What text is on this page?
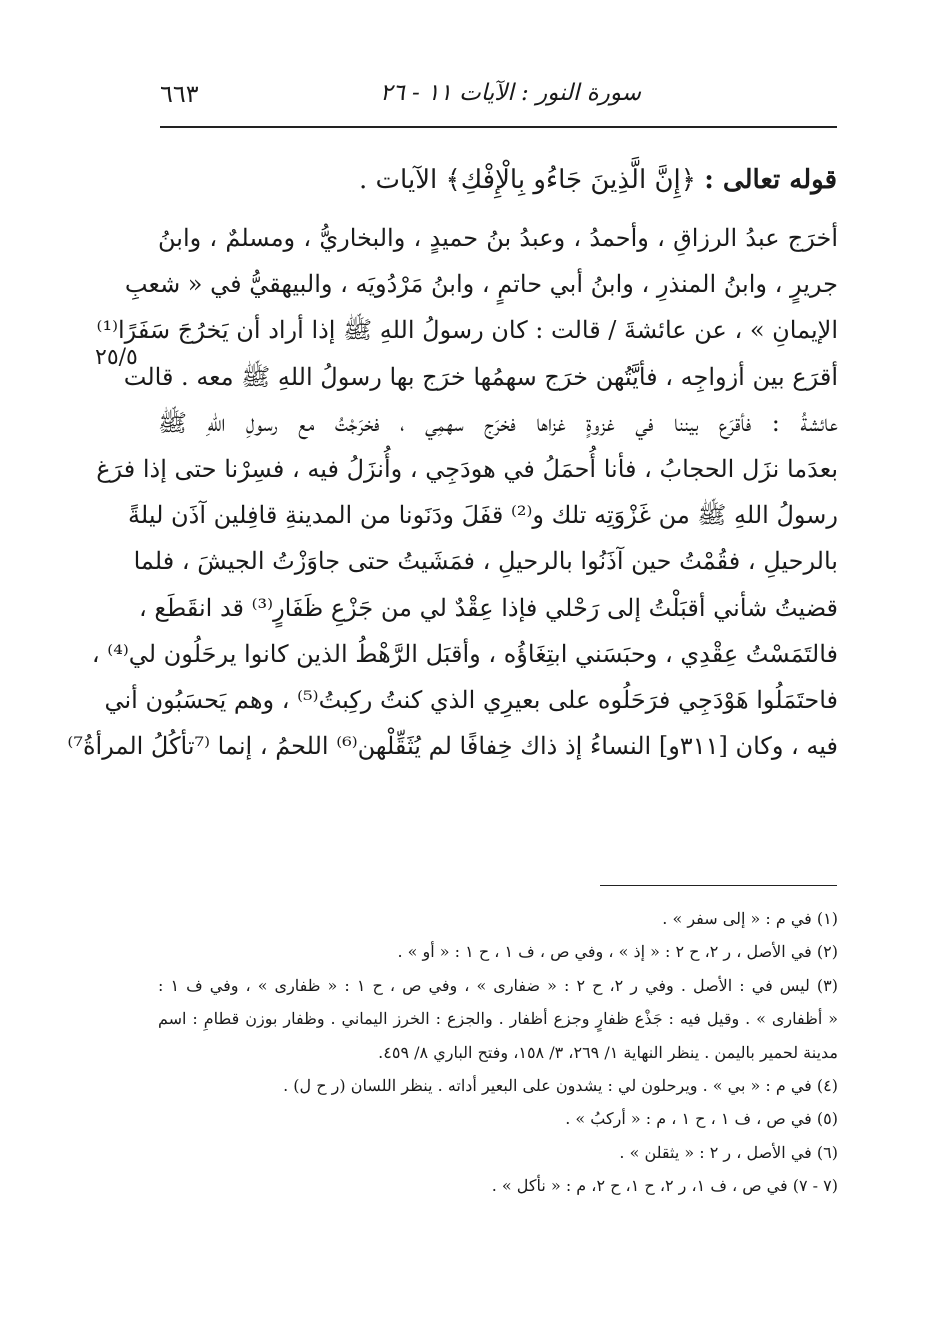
٦٦٣	سورة النور : الآيات ١١ - ٢٦
قوله تعالى : ﴿إِنَّ الَّذِينَ جَاءُو بِالْإِفْكِ﴾ الآيات .
٢٥/٥
أخرَج عبدُ الرزاقِ ، وأحمدُ ، وعبدُ بنُ حميدٍ ، والبخاريُّ ، ومسلمٌ ، وابنُ
جريرٍ ، وابنُ المنذرِ ، وابنُ أبي حاتمٍ ، وابنُ مَرْدُويَه ، والبيهقيُّ في « شعبِ
الإيمانِ » ، عن عائشةَ / قالت : كان رسولُ اللهِ ﷺ إذا أراد أن يَخرُجَ سَفَرًا⁽¹⁾
أقرَع بين أزواجِه ، فأيَّتُهن خرَج سهمُها خرَج بها رسولُ اللهِ ﷺ معه . قالت
عائشةُ : فأقرَع بيننا في غزوةٍ غزاها فخرَج سهمِي ، فخرَجْتُ مع رسولِ اللهِ ﷺ
بعدَما نزَل الحجابُ ، فأنا أُحمَلُ في هودَجِي ، وأُنزَلُ فيه ، فسِرْنا حتى إذا فرَغ
رسولُ اللهِ ﷺ من غَزْوَتِه تلك و⁽²⁾ قفَلَ ودَنَونا من المدينةِ قافِلين آذَن ليلةً
بالرحيلِ ، فقُمْتُ حين آذَنُوا بالرحيلِ ، فمَشَيتُ حتى جاوَزْتُ الجيشَ ، فلما
قضيتُ شأني أقبَلْتُ إلى رَحْلي فإذا عِقْدٌ لي من جَزْعِ ظَفَارٍ⁽³⁾ قد انقَطَع ،
فالتَمَسْتُ عِقْدِي ، وحبَسَني ابتِغَاؤُه ، وأقبَل الرَّهْطُ الذين كانوا يرحَلُون لي⁽⁴⁾ ،
فاحتَمَلُوا هَوْدَجِي فرَحَلُوه على بعيرِي الذي كنتُ ركِبتُ⁽⁵⁾ ، وهم يَحسَبُون أني
فيه ، وكان [٣١١و] النساءُ إذ ذاك خِفافًا لم يُثَقِّلْهن⁽⁶⁾ اللحمُ ، إنما ⁽⁷تأكُلُ المرأةُ⁷⁾
(١) في م : « إلى سفر » .
(٢) في الأصل ، ر ٢، ح ٢ : « إذ » ، وفي ص ، ف ١ ، ح ١ : « أو » .
(٣) ليس في : الأصل . وفي ر ٢، ح ٢ : « ضفارى » ، وفي ص ، ح ١ : « ظفارى » ، وفي ف ١ :
« أظفارى » . وقيل فيه : جَذْع ظفارٍ وجزع أظفار . والجزع : الخرز اليماني . وظفار بوزن قطامِ : اسم
مدينة لحمير باليمن . ينظر النهاية ١/ ٢٦٩، ٣/ ١٥٨، وفتح الباري ٨/ ٤٥٩.
(٤) في م : « بي » . ويرحلون لي : يشدون على البعير أداته . ينظر اللسان (ر ح ل) .
(٥) في ص ، ف ١ ، ح ١ ، م : « أركبُ » .
(٦) في الأصل ، ر ٢ : « يثقلن » .
(٧ - ٧) في ص ، ف ١، ر ٢، ح ١، ح ٢، م : « نأكل » .
